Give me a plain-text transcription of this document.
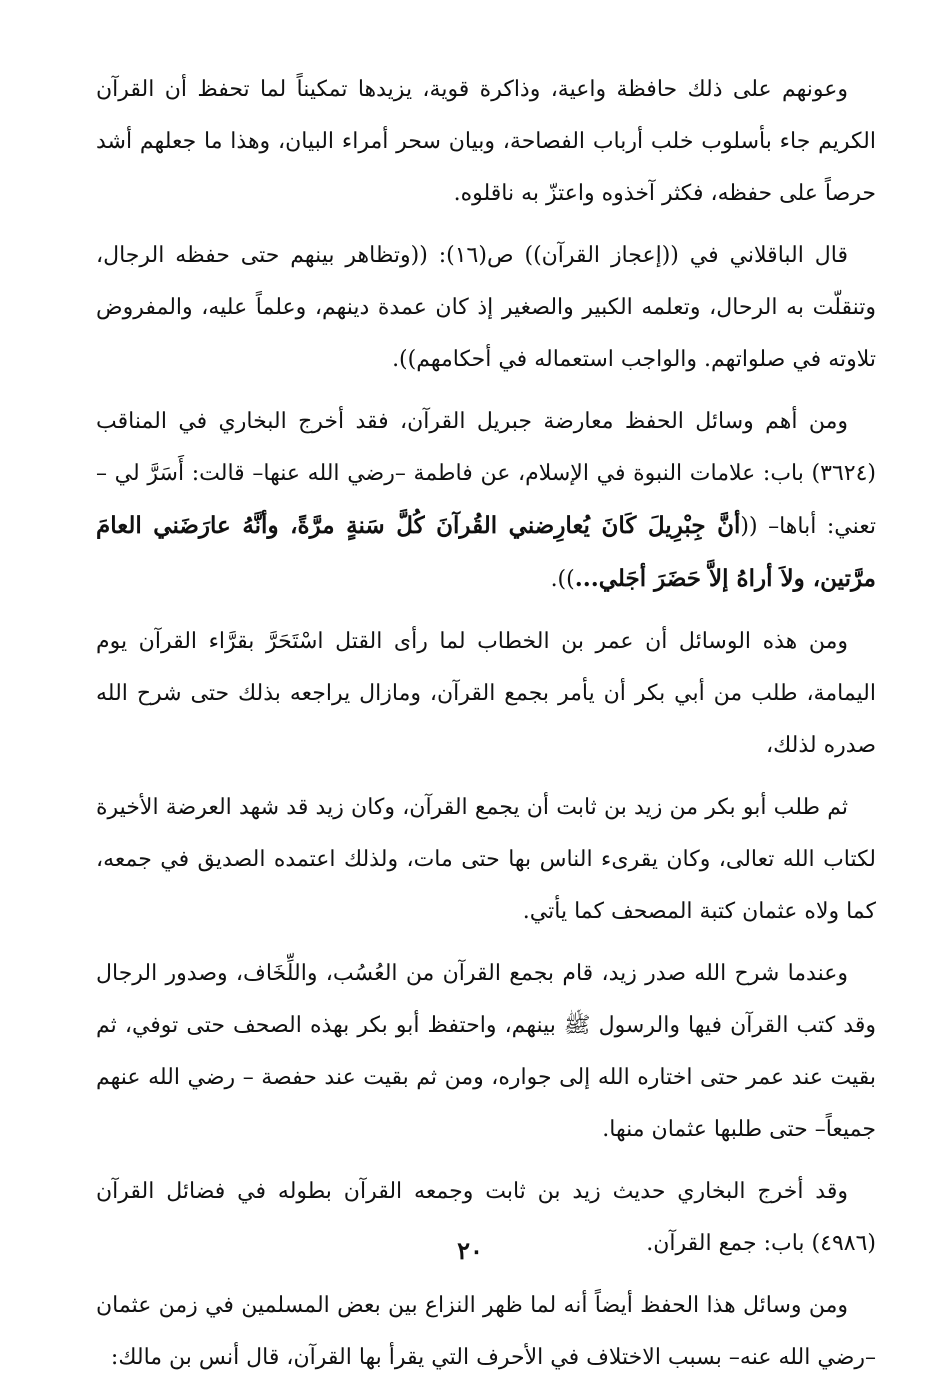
وعونهم على ذلك حافظة واعية، وذاكرة قوية، يزيدها تمكيناً لما تحفظ أن القرآن الكريم جاء بأسلوب خلب أرباب الفصاحة، وبيان سحر أمراء البيان، وهذا ما جعلهم أشد حرصاً على حفظه، فكثر آخذوه واعتزّ به ناقلوه.

قال الباقلاني في ((إعجاز القرآن)) ص(١٦): ((وتظاهر بينهم حتى حفظه الرجال، وتنقلّت به الرحال، وتعلمه الكبير والصغير إذ كان عمدة دينهم، وعلماً عليه، والمفروض تلاوته في صلواتهم. والواجب استعماله في أحكامهم)).

ومن أهم وسائل الحفظ معارضة جبريل القرآن، فقد أخرج البخاري في المناقب (٣٦٢٤) باب: علامات النبوة في الإسلام، عن فاطمة –رضي الله عنها– قالت: أَسَرَّ لي –تعني: أباها– ((أنَّ جِبْرِيلَ كَانَ يُعارِضني القُرآنَ كُلَّ سَنةٍ مرَّةً، وأنَّهُ عارَضَني العامَ مرَّتين، ولاَ أراهُ إلاَّ حَضَرَ أجَلي...)).

ومن هذه الوسائل أن عمر بن الخطاب لما رأى القتل اسْتَحَرَّ بقرَّاء القرآن يوم اليمامة، طلب من أبي بكر أن يأمر بجمع القرآن، ومازال يراجعه بذلك حتى شرح الله صدره لذلك،

ثم طلب أبو بكر من زيد بن ثابت أن يجمع القرآن، وكان زيد قد شهد العرضة الأخيرة لكتاب الله تعالى، وكان يقرىء الناس بها حتى مات، ولذلك اعتمده الصديق في جمعه، كما ولاه عثمان كتبة المصحف كما يأتي.

وعندما شرح الله صدر زيد، قام بجمع القرآن من العُسُب، واللِّخَاف، وصدور الرجال وقد كتب القرآن فيها والرسول ﷺ بينهم، واحتفظ أبو بكر بهذه الصحف حتى توفي، ثم بقيت عند عمر حتى اختاره الله إلى جواره، ومن ثم بقيت عند حفصة – رضي الله عنهم جميعاً– حتى طلبها عثمان منها.

وقد أخرج البخاري حديث زيد بن ثابت وجمعه القرآن بطوله في فضائل القرآن (٤٩٨٦) باب: جمع القرآن.

ومن وسائل هذا الحفظ أيضاً أنه لما ظهر النزاع بين بعض المسلمين في زمن عثمان –رضي الله عنه– بسبب الاختلاف في الأحرف التي يقرأ بها القرآن، قال أنس بن مالك:

٢٠
